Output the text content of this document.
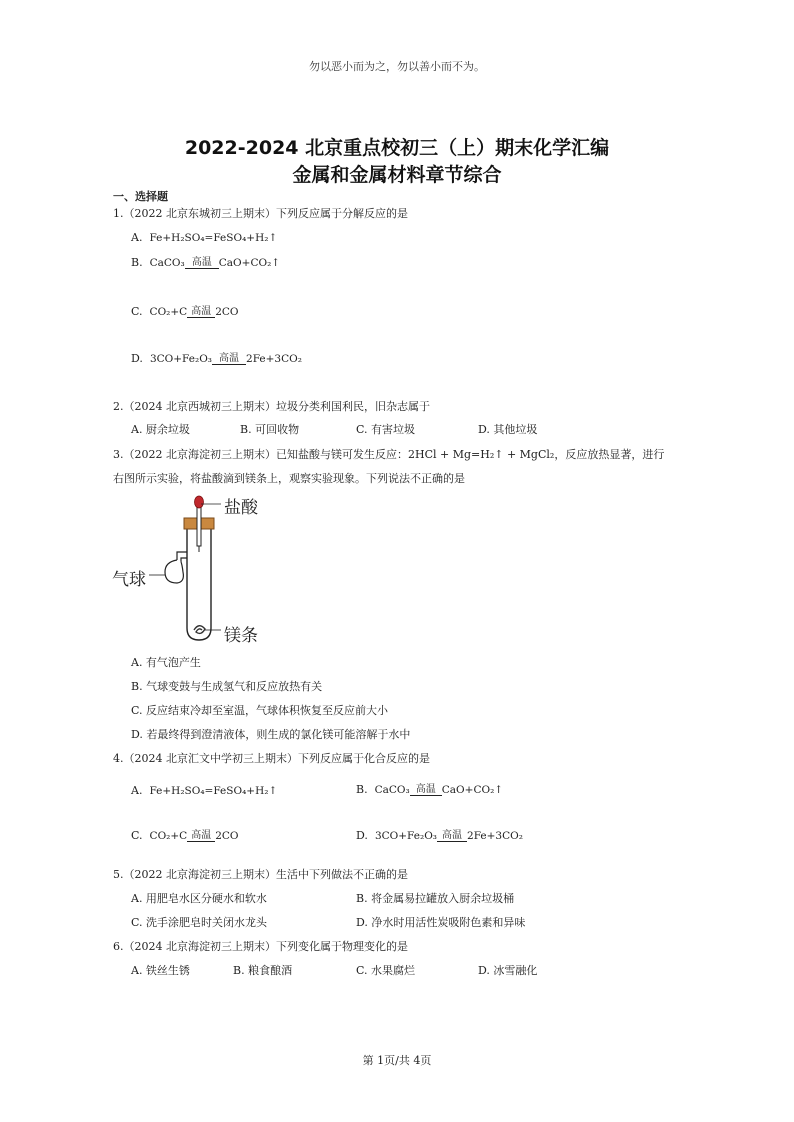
勿以恶小而为之，勿以善小而不为。
2022-2024 北京重点校初三（上）期末化学汇编
金属和金属材料章节综合
一、选择题
1.（2022 北京东城初三上期末）下列反应属于分解反应的是
A. Fe+H₂SO₄=FeSO₄+H₂↑
B. CaCO₃ 高温 CaO+CO₂↑
C. CO₂+C 高温 2CO
D. 3CO+Fe₂O₃ 高温 2Fe+3CO₂
2.（2024 北京西城初三上期末）垃圾分类利国利民，旧杂志属于
A. 厨余垃圾	B. 可回收物	C. 有害垃圾	D. 其他垃圾
3.（2022 北京海淀初三上期末）已知盐酸与镁可发生反应：2HCl + Mg=H₂↑ + MgCl₂，反应放热显著，进行
右图所示实验，将盐酸滴到镁条上，观察实验现象。下列说法不正确的是
盐酸
气球
镁条
A. 有气泡产生
B. 气球变鼓与生成氢气和反应放热有关
C. 反应结束冷却至室温，气球体积恢复至反应前大小
D. 若最终得到澄清液体，则生成的氯化镁可能溶解于水中
4.（2024 北京汇文中学初三上期末）下列反应属于化合反应的是
A. Fe+H₂SO₄=FeSO₄+H₂↑	B. CaCO₃ 高温 CaO+CO₂↑
C. CO₂+C 高温 2CO	D. 3CO+Fe₂O₃ 高温 2Fe+3CO₂
5.（2022 北京海淀初三上期末）生活中下列做法不正确的是
A. 用肥皂水区分硬水和软水	B. 将金属易拉罐放入厨余垃圾桶
C. 洗手涂肥皂时关闭水龙头	D. 净水时用活性炭吸附色素和异味
6.（2024 北京海淀初三上期末）下列变化属于物理变化的是
A. 铁丝生锈	B. 粮食酿酒	C. 水果腐烂	D. 冰雪融化
第 1页/共 4页
